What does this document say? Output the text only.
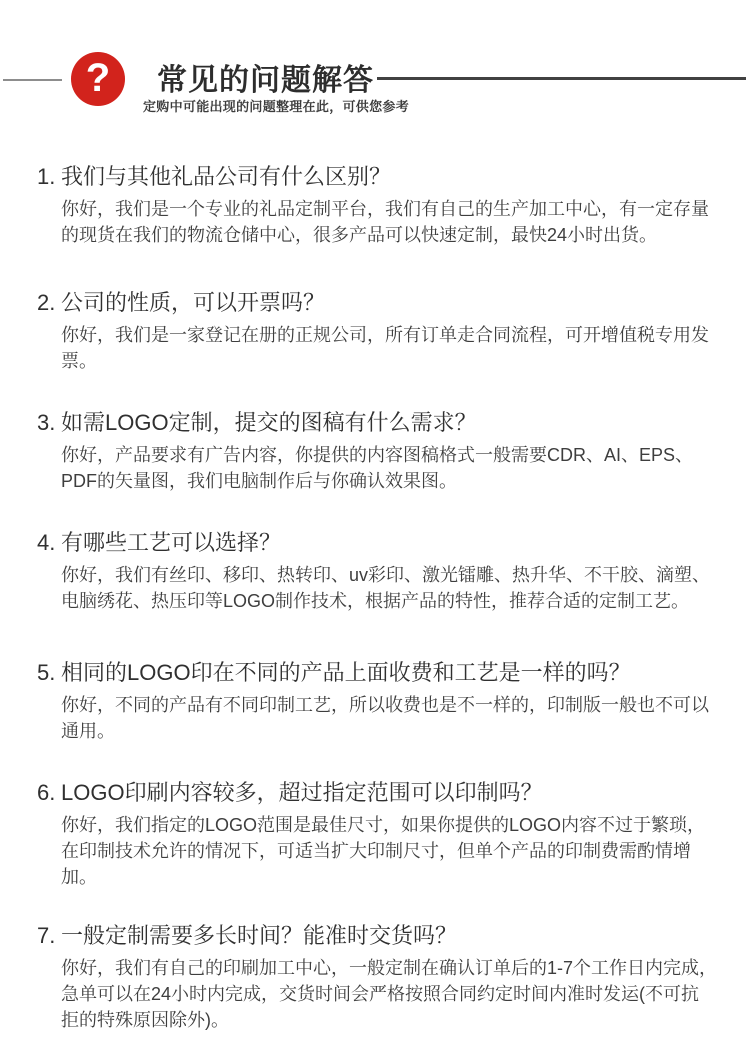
? 常见的问题解答
定购中可能出现的问题整理在此，可供您参考
1. 我们与其他礼品公司有什么区别？
你好，我们是一个专业的礼品定制平台，我们有自己的生产加工中心，有一定存量
的现货在我们的物流仓储中心，很多产品可以快速定制，最快24小时出货。
2. 公司的性质，可以开票吗？
你好，我们是一家登记在册的正规公司，所有订单走合同流程，可开增值税专用发
票。
3. 如需LOGO定制，提交的图稿有什么需求？
你好，产品要求有广告内容，你提供的内容图稿格式一般需要CDR、AI、EPS、
PDF的矢量图，我们电脑制作后与你确认效果图。
4. 有哪些工艺可以选择？
你好，我们有丝印、移印、热转印、uv彩印、激光镭雕、热升华、不干胶、滴塑、
电脑绣花、热压印等LOGO制作技术，根据产品的特性，推荐合适的定制工艺。
5. 相同的LOGO印在不同的产品上面收费和工艺是一样的吗？
你好，不同的产品有不同印制工艺，所以收费也是不一样的，印制版一般也不可以
通用。
6. LOGO印刷内容较多，超过指定范围可以印制吗？
你好，我们指定的LOGO范围是最佳尺寸，如果你提供的LOGO内容不过于繁琐，
在印制技术允许的情况下，可适当扩大印制尺寸，但单个产品的印制费需酌情增
加。
7. 一般定制需要多长时间？能准时交货吗？
你好，我们有自己的印刷加工中心，一般定制在确认订单后的1-7个工作日内完成，
急单可以在24小时内完成，交货时间会严格按照合同约定时间内准时发运(不可抗
拒的特殊原因除外)。
